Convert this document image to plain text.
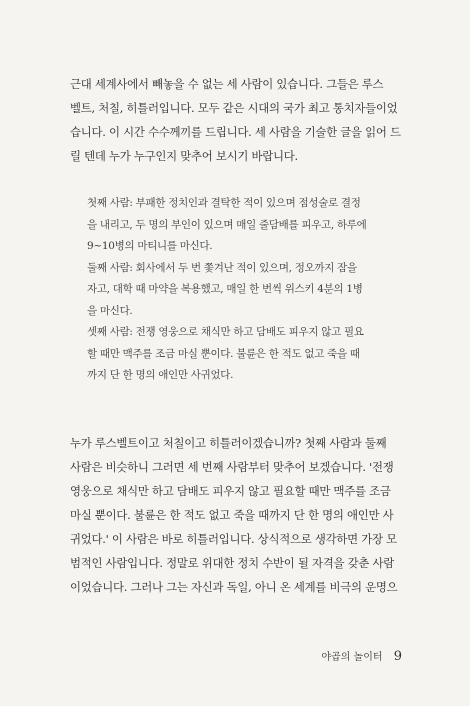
근대 세계사에서 빼놓을 수 없는 세 사람이 있습니다. 그들은 루스
벨트, 처칠, 히틀러입니다. 모두 같은 시대의 국가 최고 통치자들이었
습니다. 이 시간 수수께끼를 드립니다. 세 사람을 기술한 글을 읽어 드
릴 텐데 누가 누구인지 맞추어 보시기 바랍니다.
첫째 사람: 부패한 정치인과 결탁한 적이 있으며 점성술로 결정
을 내리고, 두 명의 부인이 있으며 매일 줄담배를 피우고, 하루에
9~10병의 마티니를 마신다.
둘째 사람: 회사에서 두 번 쫓겨난 적이 있으며, 정오까지 잠을
자고, 대학 때 마약을 복용했고, 매일 한 번씩 위스키 4분의 1병
을 마신다.
셋째 사람: 전쟁 영웅으로 채식만 하고 담배도 피우지 않고 필요
할 때만 맥주를 조금 마실 뿐이다. 불륜은 한 적도 없고 죽을 때
까지 단 한 명의 애인만 사귀었다.
누가 루스벨트이고 처칠이고 히틀러이겠습니까? 첫째 사람과 둘째
사람은 비슷하니 그러면 세 번째 사람부터 맞추어 보겠습니다. '전쟁
영웅으로 채식만 하고 담배도 피우지 않고 필요할 때만 맥주를 조금
마실 뿐이다. 불륜은 한 적도 없고 죽을 때까지 단 한 명의 애인만 사
귀었다.' 이 사람은 바로 히틀러입니다. 상식적으로 생각하면 가장 모
범적인 사람입니다. 정말로 위대한 정치 수반이 될 자격을 갖춘 사람
이었습니다. 그러나 그는 자신과 독일, 아니 온 세계를 비극의 운명으
야곱의 놀이터 9
